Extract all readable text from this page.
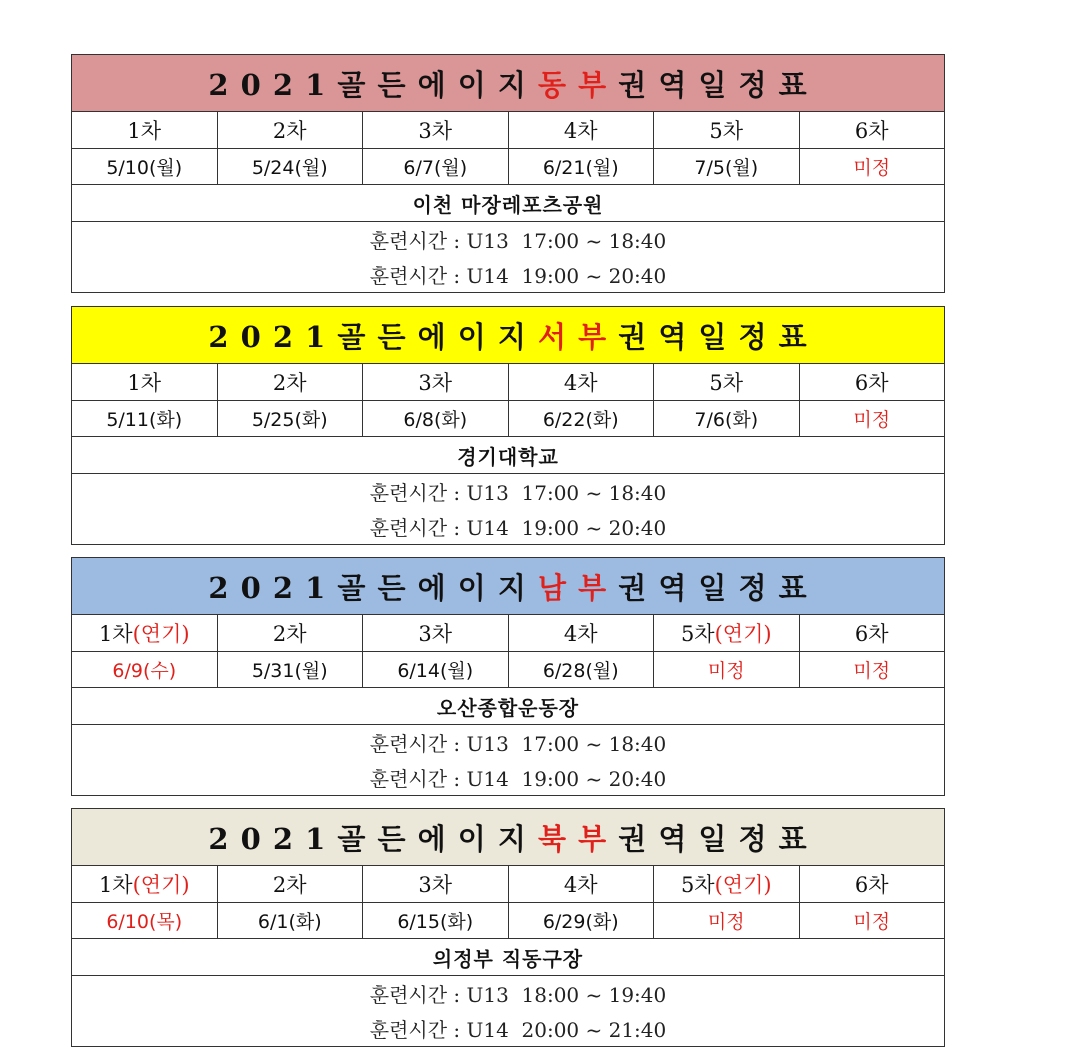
2 0 2 1 골 든 에 이 지 동 부 권 역 일 정 표
1차	2차	3차	4차	5차	6차
5/10(월)	5/24(월)	6/7(월)	6/21(월)	7/5(월)	미정
이천 마장레포츠공원
훈련시간 : U13  17:00 ~ 18:40
훈련시간 : U14  19:00 ~ 20:40
2 0 2 1 골 든 에 이 지 서 부 권 역 일 정 표
1차	2차	3차	4차	5차	6차
5/11(화)	5/25(화)	6/8(화)	6/22(화)	7/6(화)	미정
경기대학교
훈련시간 : U13  17:00 ~ 18:40
훈련시간 : U14  19:00 ~ 20:40
2 0 2 1 골 든 에 이 지 남 부 권 역 일 정 표
1차 (연기)	2차	3차	4차	5차 (연기)	6차
6/9(수)	5/31(월)	6/14(월)	6/28(월)	미정	미정
오산종합운동장
훈련시간 : U13  17:00 ~ 18:40
훈련시간 : U14  19:00 ~ 20:40
2 0 2 1 골 든 에 이 지 북 부 권 역 일 정 표
1차 (연기)	2차	3차	4차	5차 (연기)	6차
6/10(목)	6/1(화)	6/15(화)	6/29(화)	미정	미정
의정부 직동구장
훈련시간 : U13  18:00 ~ 19:40
훈련시간 : U14  20:00 ~ 21:40
